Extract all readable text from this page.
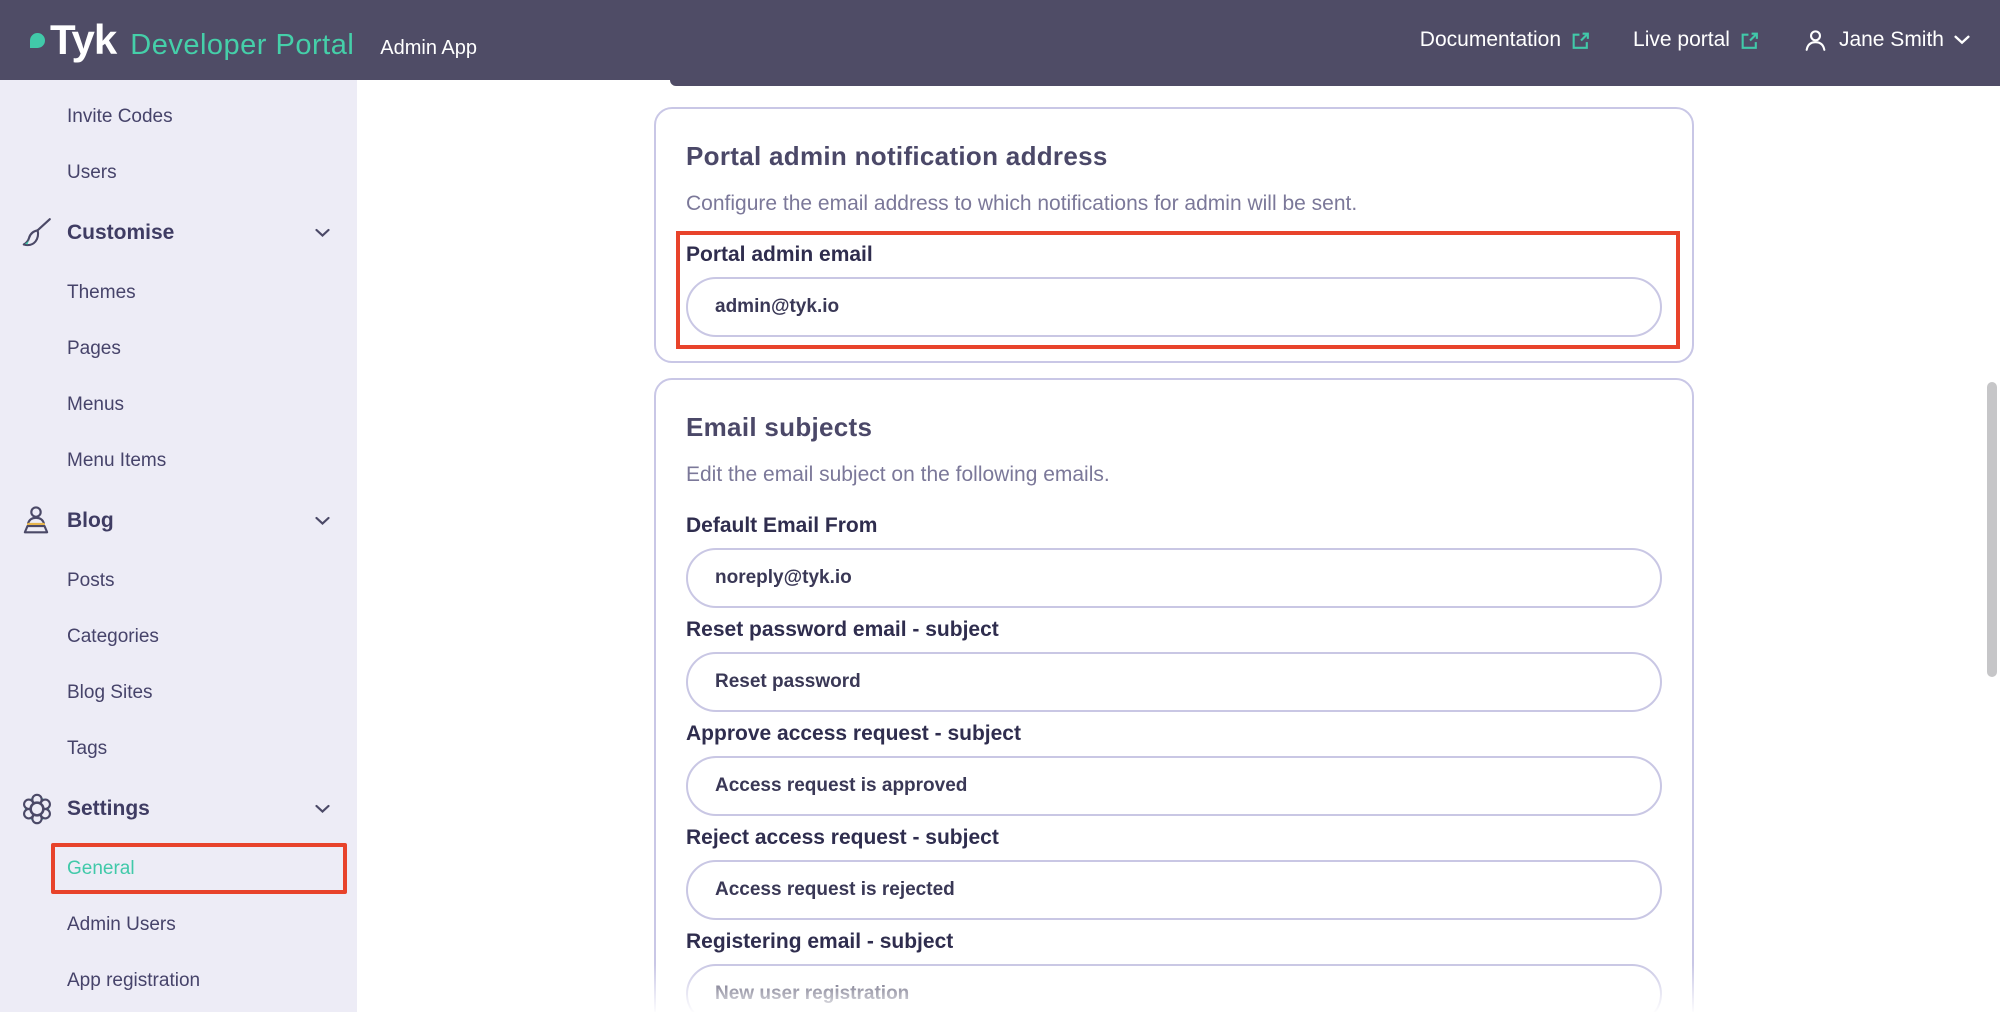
Tyk Developer Portal Admin App	Documentation	Live portal	Jane Smith
Invite Codes
Users
Customise
Themes
Pages
Menus
Menu Items
Blog
Posts
Categories
Blog Sites
Tags
Settings
General
Admin Users
App registration
Portal admin notification address
Configure the email address to which notifications for admin will be sent.
Portal admin email
admin@tyk.io
Email subjects
Edit the email subject on the following emails.
Default Email From
noreply@tyk.io
Reset password email - subject
Reset password
Approve access request - subject
Access request is approved
Reject access request - subject
Access request is rejected
Registering email - subject
New user registration
